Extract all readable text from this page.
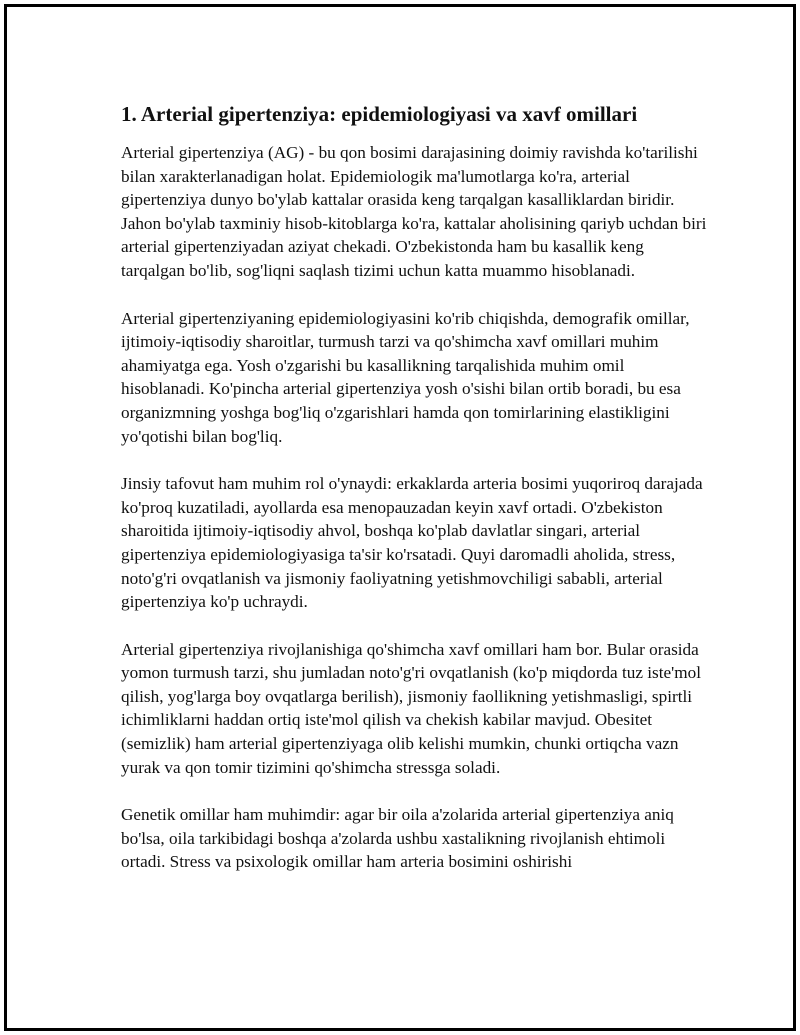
1. Arterial gipertenziya: epidemiologiyasi va xavf omillari

Arterial gipertenziya (AG) - bu qon bosimi darajasining doimiy ravishda ko'tarilishi bilan xarakterlanadigan holat. Epidemiologik ma'lumotlarga ko'ra, arterial gipertenziya dunyo bo'ylab kattalar orasida keng tarqalgan kasalliklardan biridir. Jahon bo'ylab taxminiy hisob-kitoblarga ko'ra, kattalar aholisining qariyb uchdan biri arterial gipertenziyadan aziyat chekadi. O'zbekistonda ham bu kasallik keng tarqalgan bo'lib, sog'liqni saqlash tizimi uchun katta muammo hisoblanadi.

Arterial gipertenziyaning epidemiologiyasini ko'rib chiqishda, demografik omillar, ijtimoiy-iqtisodiy sharoitlar, turmush tarzi va qo'shimcha xavf omillari muhim ahamiyatga ega. Yosh o'zgarishi bu kasallikning tarqalishida muhim omil hisoblanadi. Ko'pincha arterial gipertenziya yosh o'sishi bilan ortib boradi, bu esa organizmning yoshga bog'liq o'zgarishlari hamda qon tomirlarining elastikligini yo'qotishi bilan bog'liq.

Jinsiy tafovut ham muhim rol o'ynaydi: erkaklarda arteria bosimi yuqoriroq darajada ko'proq kuzatiladi, ayollarda esa menopauzadan keyin xavf ortadi. O'zbekiston sharoitida ijtimoiy-iqtisodiy ahvol, boshqa ko'plab davlatlar singari, arterial gipertenziya epidemiologiyasiga ta'sir ko'rsatadi. Quyi daromadli aholida, stress, noto'g'ri ovqatlanish va jismoniy faoliyatning yetishmovchiligi sababli, arterial gipertenziya ko'p uchraydi.

Arterial gipertenziya rivojlanishiga qo'shimcha xavf omillari ham bor. Bular orasida yomon turmush tarzi, shu jumladan noto'g'ri ovqatlanish (ko'p miqdorda tuz iste'mol qilish, yog'larga boy ovqatlarga berilish), jismoniy faollikning yetishmasligi, spirtli ichimliklarni haddan ortiq iste'mol qilish va chekish kabilar mavjud. Obesitet (semizlik) ham arterial gipertenziyaga olib kelishi mumkin, chunki ortiqcha vazn yurak va qon tomir tizimini qo'shimcha stressga soladi.

Genetik omillar ham muhimdir: agar bir oila a'zolarida arterial gipertenziya aniq bo'lsa, oila tarkibidagi boshqa a'zolarda ushbu xastalikning rivojlanish ehtimoli ortadi. Stress va psixologik omillar ham arteria bosimini oshirishi
